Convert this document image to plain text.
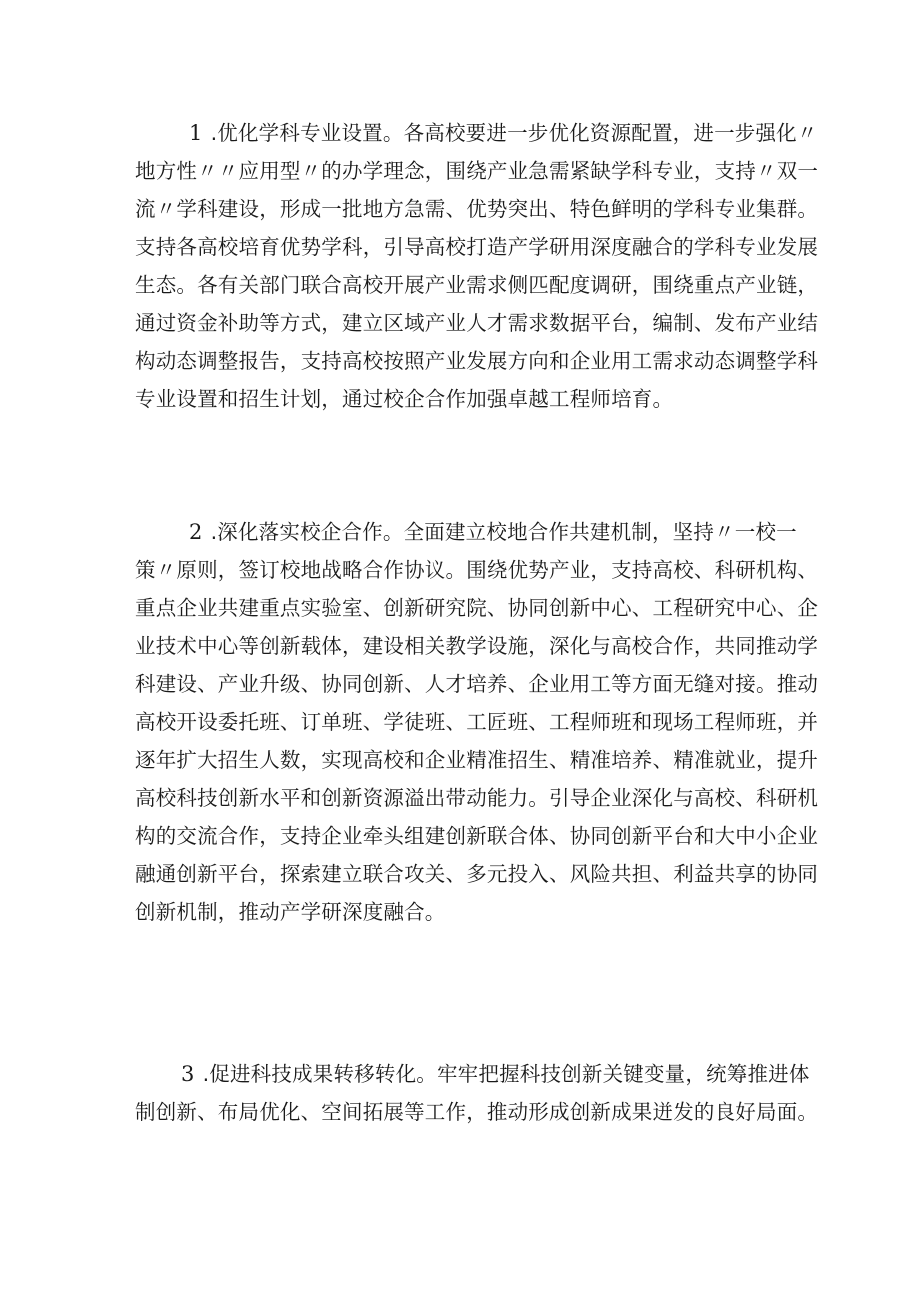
1 .优化学科专业设置。各高校要进一步优化资源配置，进一步强化〃
地方性〃〃应用型〃的办学理念，围绕产业急需紧缺学科专业，支持〃双一
流〃学科建设，形成一批地方急需、优势突出、特色鲜明的学科专业集群。
支持各高校培育优势学科，引导高校打造产学研用深度融合的学科专业发展
生态。各有关部门联合高校开展产业需求侧匹配度调研，围绕重点产业链，
通过资金补助等方式，建立区域产业人才需求数据平台，编制、发布产业结
构动态调整报告，支持高校按照产业发展方向和企业用工需求动态调整学科
专业设置和招生计划，通过校企合作加强卓越工程师培育。
2 .深化落实校企合作。全面建立校地合作共建机制，坚持〃一校一
策〃原则，签订校地战略合作协议。围绕优势产业，支持高校、科研机构、
重点企业共建重点实验室、创新研究院、协同创新中心、工程研究中心、企
业技术中心等创新载体，建设相关教学设施，深化与高校合作，共同推动学
科建设、产业升级、协同创新、人才培养、企业用工等方面无缝对接。推动
高校开设委托班、订单班、学徒班、工匠班、工程师班和现场工程师班，并
逐年扩大招生人数，实现高校和企业精准招生、精准培养、精准就业，提升
高校科技创新水平和创新资源溢出带动能力。引导企业深化与高校、科研机
构的交流合作，支持企业牵头组建创新联合体、协同创新平台和大中小企业
融通创新平台，探索建立联合攻关、多元投入、风险共担、利益共享的协同
创新机制，推动产学研深度融合。
3 .促进科技成果转移转化。牢牢把握科技创新关键变量，统筹推进体
制创新、布局优化、空间拓展等工作，推动形成创新成果迸发的良好局面。
